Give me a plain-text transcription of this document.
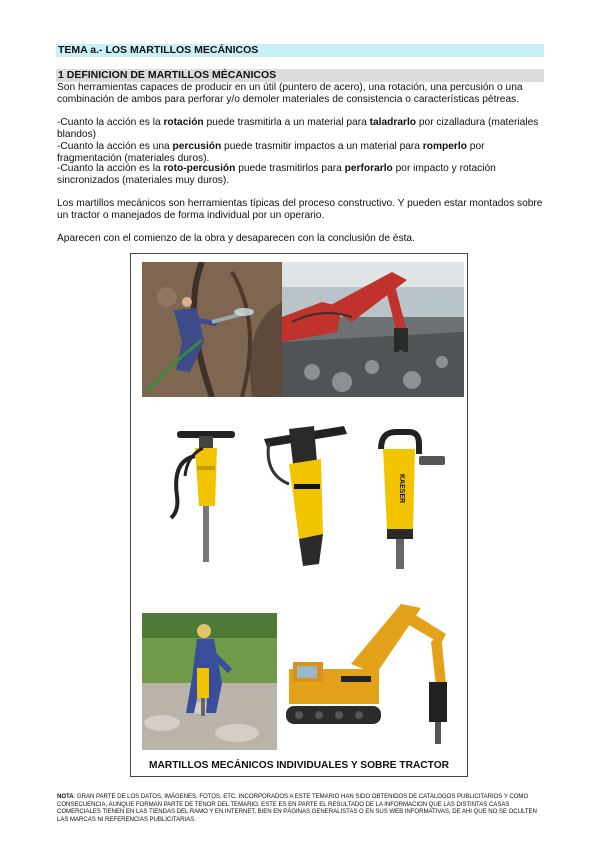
TEMA a.- LOS MARTILLOS MECÁNICOS
1 DEFINICION DE MARTILLOS MÉCANICOS

Son herramientas capaces de producir en un útil (puntero de acero), una rotación, una percusión o una combinación de ambos para perforar y/o demoler materiales de consistencia o características pétreas.

-Cuanto la acción es la rotación puede trasmitirla a un material para taladrarlo por cizalladura (materiales blandos)

-Cuanto la acción es una percusión puede trasmitir impactos a un material para romperlo por fragmentación (materiales duros).

-Cuanto la acción es la roto-percusión puede trasmitirlos para perforarlo por impacto y rotación sincronizados (materiales muy duros).

Los martillos mecánicos son herramientas típicas del proceso constructivo. Y pueden estar montados sobre un tractor o manejados de forma individual por un operario.

Aparecen con el comienzo de la obra y desaparecen con la conclusión de ésta.

KAESER
MARTILLOS MECÁNICOS INDIVIDUALES Y SOBRE TRACTOR
NOTA: GRAN PARTE DE LOS DATOS, IMÁGENES, FOTOS, ETC. INCORPORADOS A ESTE TEMARIO HAN SIDO OBTENIDOS DE CATALOGOS PUBLICITARIOS Y COMO CONSECUENCIA, AUNQUE FORMAN PARTE DE TENOR DEL TEMARIO, ESTE ES EN PARTE EL RESULTADO DE LA INFORMACION QUE LAS DISTINTAS CASAS COMERCIALES TIENEN EN LAS TIENDAS DEL RAMO Y EN INTERNET, BIEN EN PÁGINAS GENERALISTAS O EN SUS WEB INFORMATIVAS, DE AHI QUE NO SE OCULTEN LAS MARCAS NI REFERENCIAS PUBLICITARIAS.
